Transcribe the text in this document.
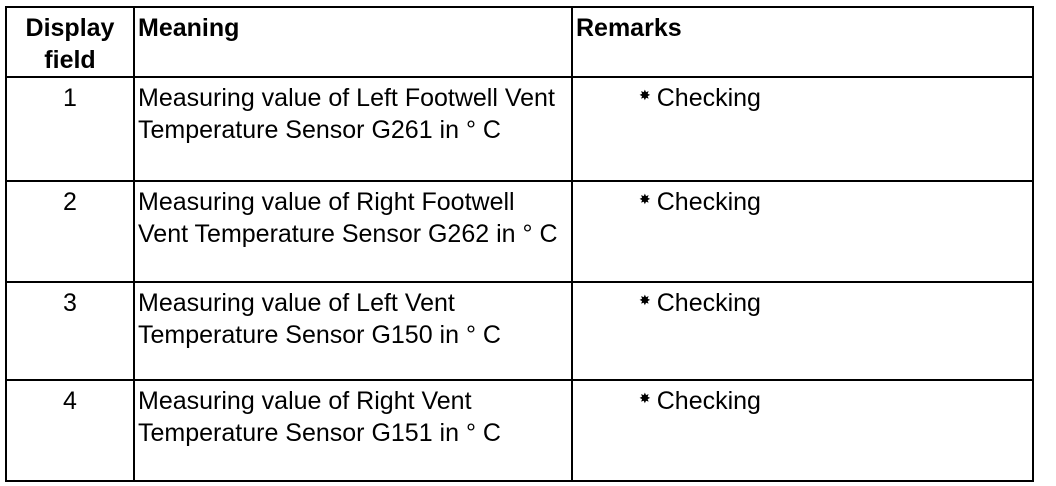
Display
field	Meaning	Remarks
1	Measuring value of Left Footwell Vent Temperature Sensor G261 in ° C	✸ Checking
2	Measuring value of Right Footwell Vent Temperature Sensor G262 in ° C	✸ Checking
3	Measuring value of Left Vent Temperature Sensor G150 in ° C	✸ Checking
4	Measuring value of Right Vent Temperature Sensor G151 in ° C	✸ Checking
